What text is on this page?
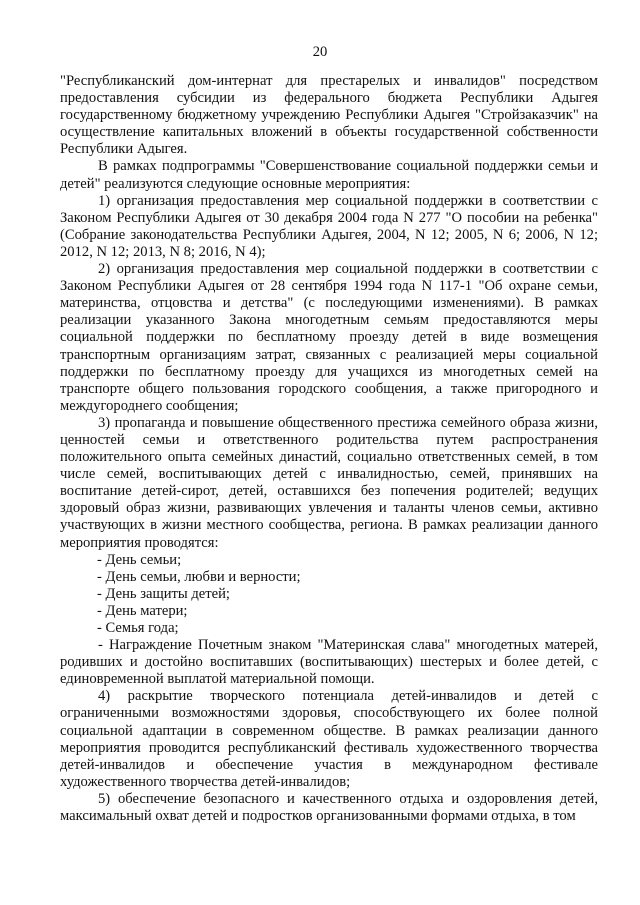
20

"Республиканский дом-интернат для престарелых и инвалидов" посредством предоставления субсидии из федерального бюджета Республики Адыгея государственному бюджетному учреждению Республики Адыгея "Стройзаказчик" на осуществление капитальных вложений в объекты государственной собственности Республики Адыгея.

В рамках подпрограммы "Совершенствование социальной поддержки семьи и детей" реализуются следующие основные мероприятия:

1) организация предоставления мер социальной поддержки в соответствии с Законом Республики Адыгея от 30 декабря 2004 года N 277 "О пособии на ребенка" (Собрание законодательства Республики Адыгея, 2004, N 12; 2005, N 6; 2006, N 12; 2012, N 12; 2013, N 8; 2016, N 4);

2) организация предоставления мер социальной поддержки в соответствии с Законом Республики Адыгея от 28 сентября 1994 года N 117-1 "Об охране семьи, материнства, отцовства и детства" (с последующими изменениями). В рамках реализации указанного Закона многодетным семьям предоставляются меры социальной поддержки по бесплатному проезду детей в виде возмещения транспортным организациям затрат, связанных с реализацией меры социальной поддержки по бесплатному проезду для учащихся из многодетных семей на транспорте общего пользования городского сообщения, а также пригородного и междугороднего сообщения;

3) пропаганда и повышение общественного престижа семейного образа жизни, ценностей семьи и ответственного родительства путем распространения положительного опыта семейных династий, социально ответственных семей, в том числе семей, воспитывающих детей с инвалидностью, семей, принявших на воспитание детей-сирот, детей, оставшихся без попечения родителей; ведущих здоровый образ жизни, развивающих увлечения и таланты членов семьи, активно участвующих в жизни местного сообщества, региона. В рамках реализации данного мероприятия проводятся:

- День семьи;

- День семьи, любви и верности;

- День защиты детей;

- День матери;

- Семья года;

- Награждение Почетным знаком "Материнская слава" многодетных матерей, родивших и достойно воспитавших (воспитывающих) шестерых и более детей, с единовременной выплатой материальной помощи.

4) раскрытие творческого потенциала детей-инвалидов и детей с ограниченными возможностями здоровья, способствующего их более полной социальной адаптации в современном обществе. В рамках реализации данного мероприятия проводится республиканский фестиваль художественного творчества детей-инвалидов и обеспечение участия в международном фестивале художественного творчества детей-инвалидов;

5) обеспечение безопасного и качественного отдыха и оздоровления детей, максимальный охват детей и подростков организованными формами отдыха, в том
